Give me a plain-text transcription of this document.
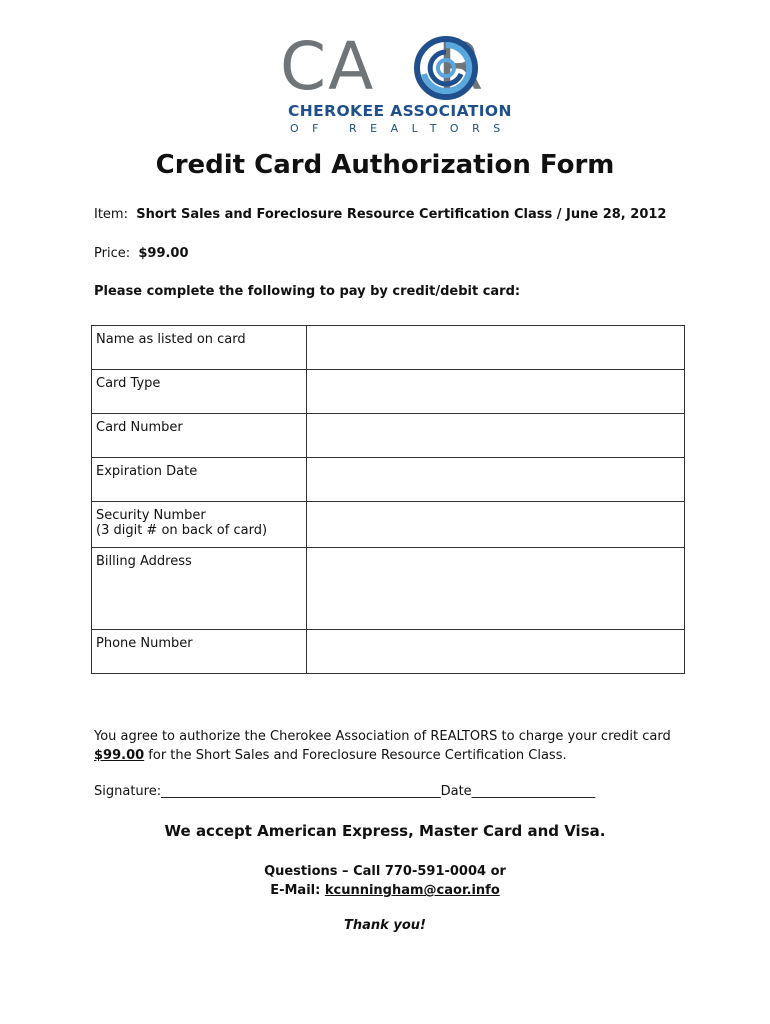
CA R
CHEROKEE ASSOCIATION
OF REALTORS
Credit Card Authorization Form
Item: Short Sales and Foreclosure Resource Certification Class / June 28, 2012
Price: $99.00
Please complete the following to pay by credit/debit card:
Name as listed on card	
Card Type	
Card Number	
Expiration Date	

Security Number
(3 digit # on back of card)	

Billing Address	
Phone Number	
You agree to authorize the Cherokee Association of REALTORS to charge your credit card
$99.00 for the Short Sales and Foreclosure Resource Certification Class.
Signature:___________________________________________Date___________________
We accept American Express, Master Card and Visa.
Questions – Call 770-591-0004 or
E-Mail: kcunningham@caor.info
Thank you!
